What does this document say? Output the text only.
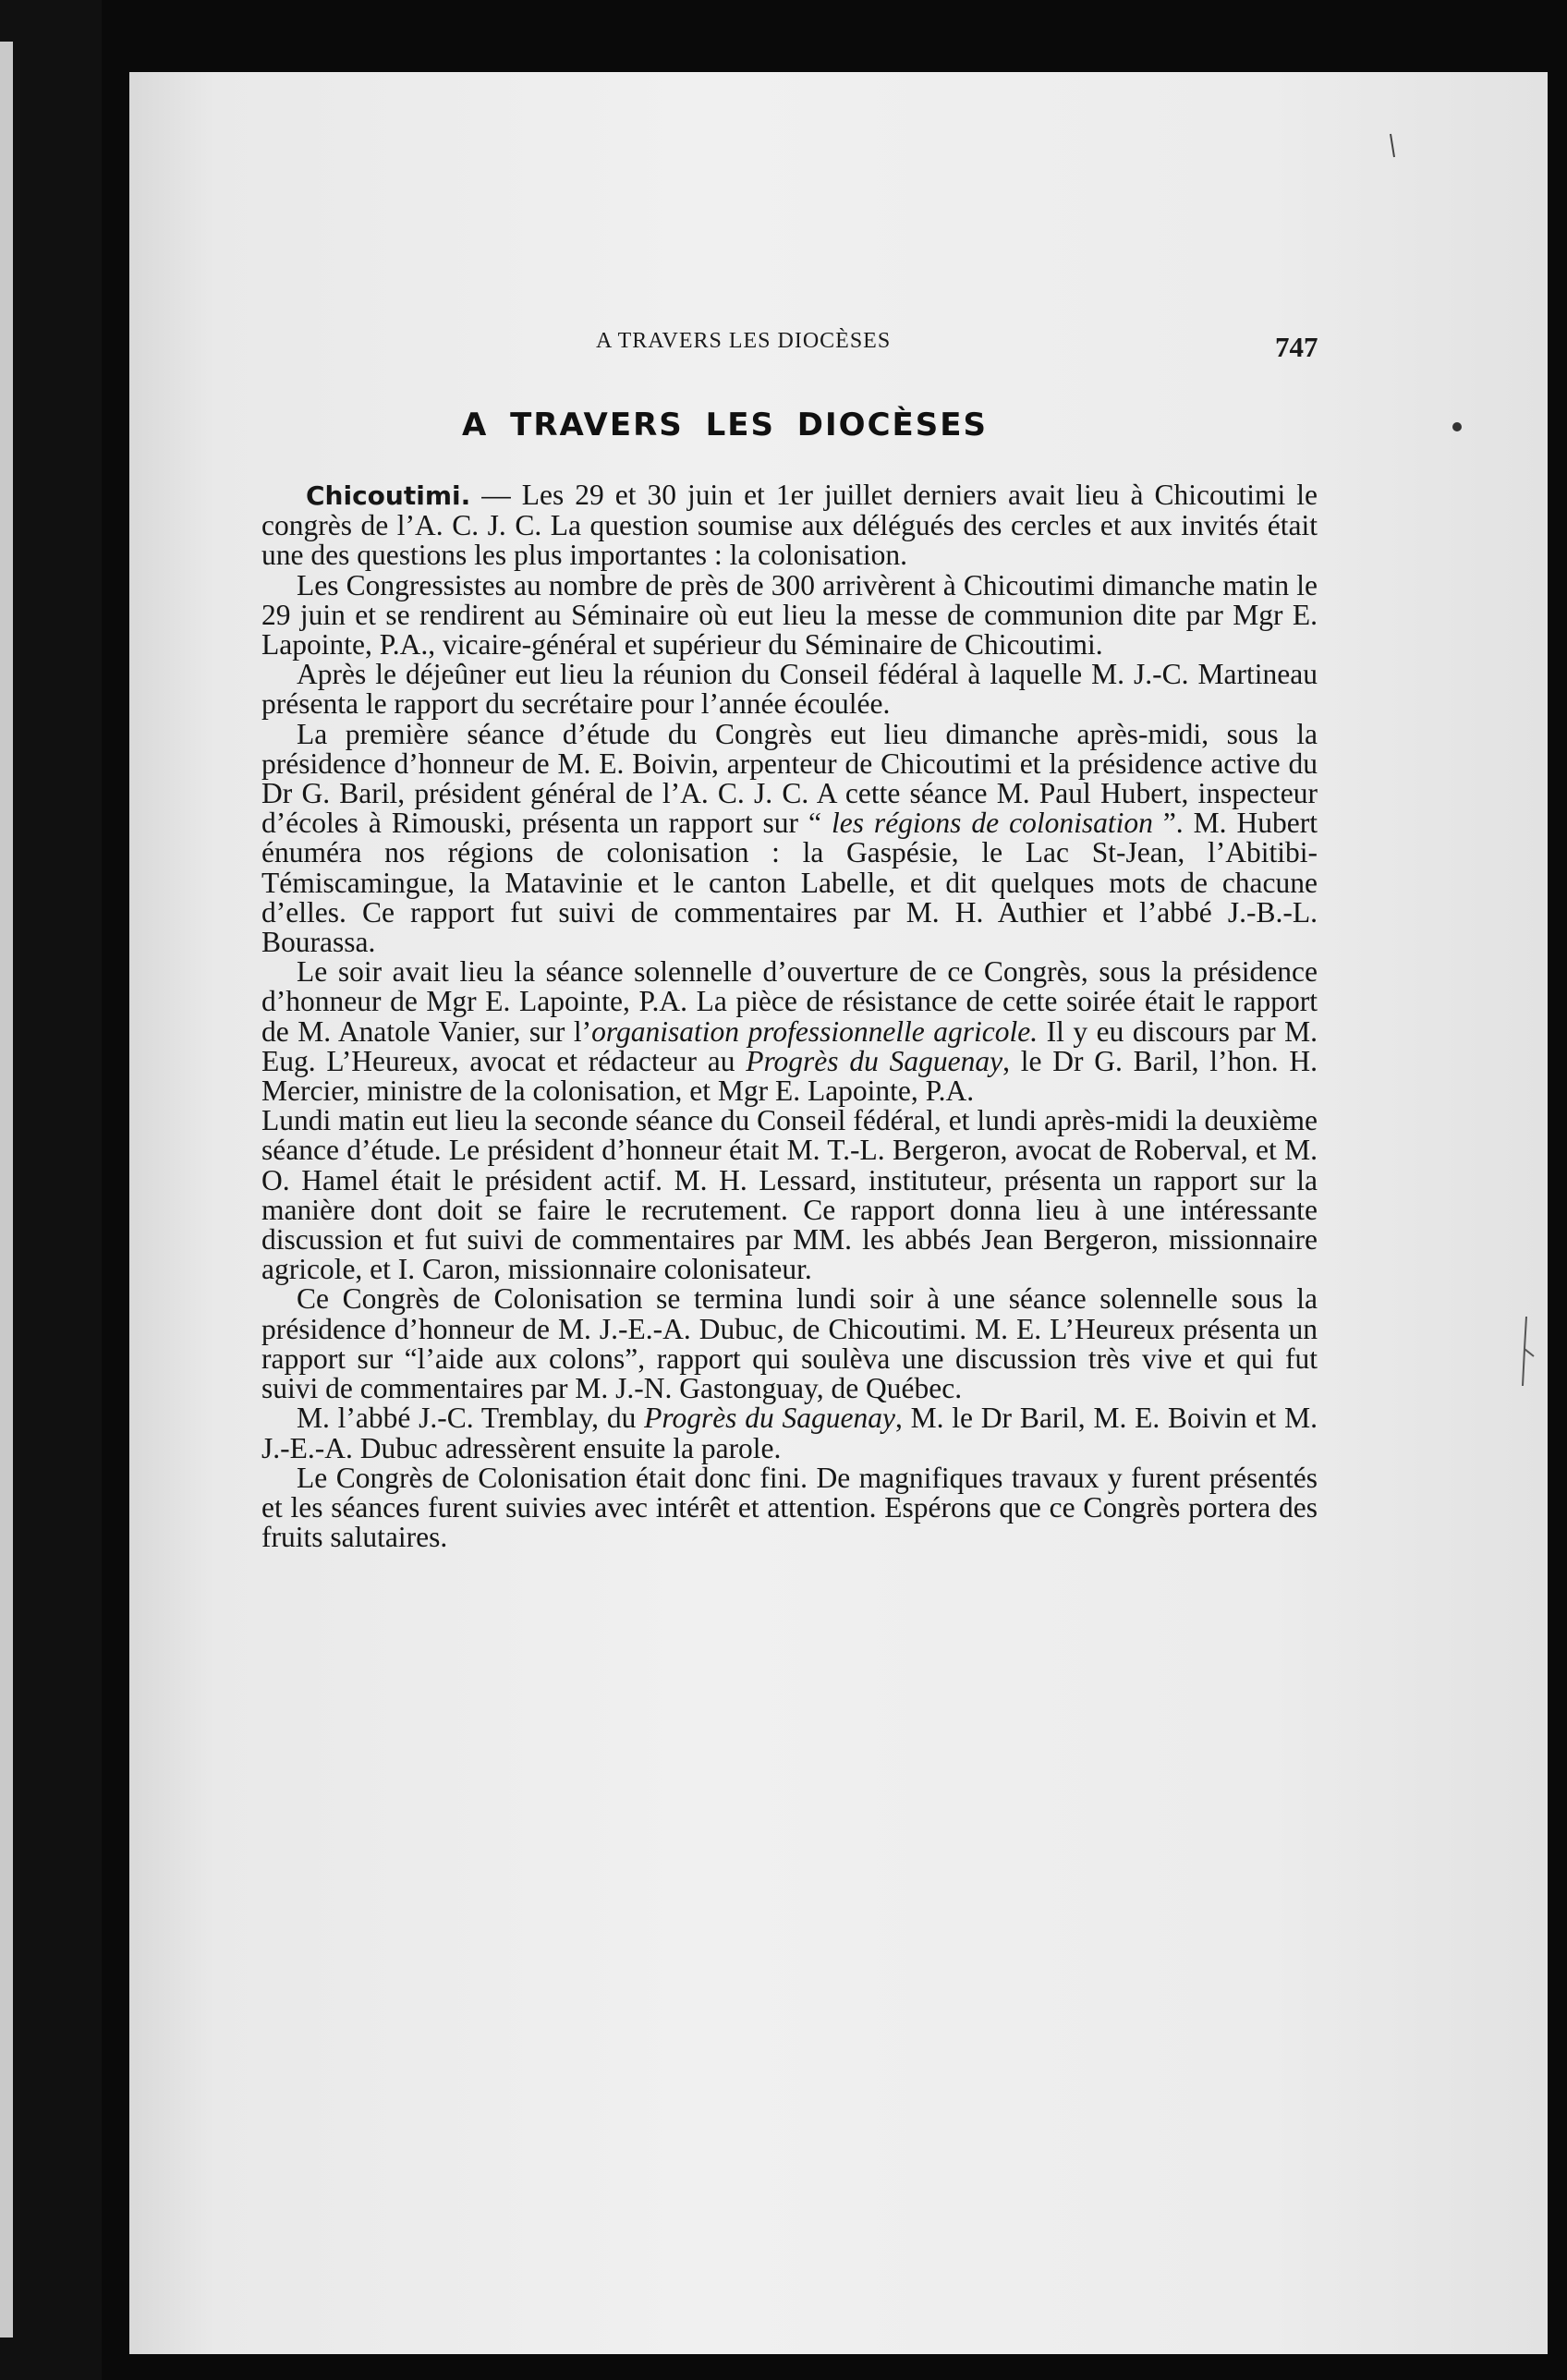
A TRAVERS LES DIOCÈSES	747
A TRAVERS LES DIOCÈSES

Chicoutimi. — Les 29 et 30 juin et 1er juillet derniers avait lieu à Chicoutimi le congrès de l’A. C. J. C. La question soumise aux délégués des cercles et aux invités était une des questions les plus importantes : la colonisation.

Les Congressistes au nombre de près de 300 arrivèrent à Chicoutimi dimanche matin le 29 juin et se rendirent au Séminaire où eut lieu la messe de communion dite par Mgr E. Lapointe, P.A., vicaire-général et supérieur du Séminaire de Chicoutimi.

Après le déjeûner eut lieu la réunion du Conseil fédéral à laquelle M. J.-C. Martineau présenta le rapport du secrétaire pour l’année écoulée.

La première séance d’étude du Congrès eut lieu dimanche après-midi, sous la présidence d’honneur de M. E. Boivin, arpenteur de Chicoutimi et la présidence active du Dr G. Baril, président général de l’A. C. J. C. A cette séance M. Paul Hubert, inspecteur d’écoles à Rimouski, présenta un rapport sur “ les régions de colonisation ”. M. Hubert énuméra nos régions de colonisation : la Gaspésie, le Lac St-Jean, l’Abitibi-Témiscamingue, la Matavinie et le canton Labelle, et dit quelques mots de chacune d’elles. Ce rapport fut suivi de commentaires par M. H. Authier et l’abbé J.-B.-L. Bourassa.

Le soir avait lieu la séance solennelle d’ouverture de ce Congrès, sous la présidence d’honneur de Mgr E. Lapointe, P.A. La pièce de résistance de cette soirée était le rapport de M. Anatole Vanier, sur l’organisation professionnelle agricole. Il y eu discours par M. Eug. L’Heureux, avocat et rédacteur au Progrès du Saguenay, le Dr G. Baril, l’hon. H. Mercier, ministre de la colonisation, et Mgr E. Lapointe, P.A.

Lundi matin eut lieu la seconde séance du Conseil fédéral, et lundi après-midi la deuxième séance d’étude. Le président d’honneur était M. T.-L. Bergeron, avocat de Roberval, et M. O. Hamel était le président actif. M. H. Lessard, instituteur, présenta un rapport sur la manière dont doit se faire le recrutement. Ce rapport donna lieu à une intéressante discussion et fut suivi de commentaires par MM. les abbés Jean Bergeron, missionnaire agricole, et I. Caron, missionnaire colonisateur.

Ce Congrès de Colonisation se termina lundi soir à une séance solennelle sous la présidence d’honneur de M. J.-E.-A. Dubuc, de Chicoutimi. M. E. L’Heureux présenta un rapport sur “l’aide aux colons”, rapport qui soulèva une discussion très vive et qui fut suivi de commentaires par M. J.-N. Gastonguay, de Québec.

M. l’abbé J.-C. Tremblay, du Progrès du Saguenay, M. le Dr Baril, M. E. Boivin et M. J.-E.-A. Dubuc adressèrent ensuite la parole.

Le Congrès de Colonisation était donc fini. De magnifiques travaux y furent présentés et les séances furent suivies avec intérêt et attention. Espérons que ce Congrès portera des fruits salutaires.
